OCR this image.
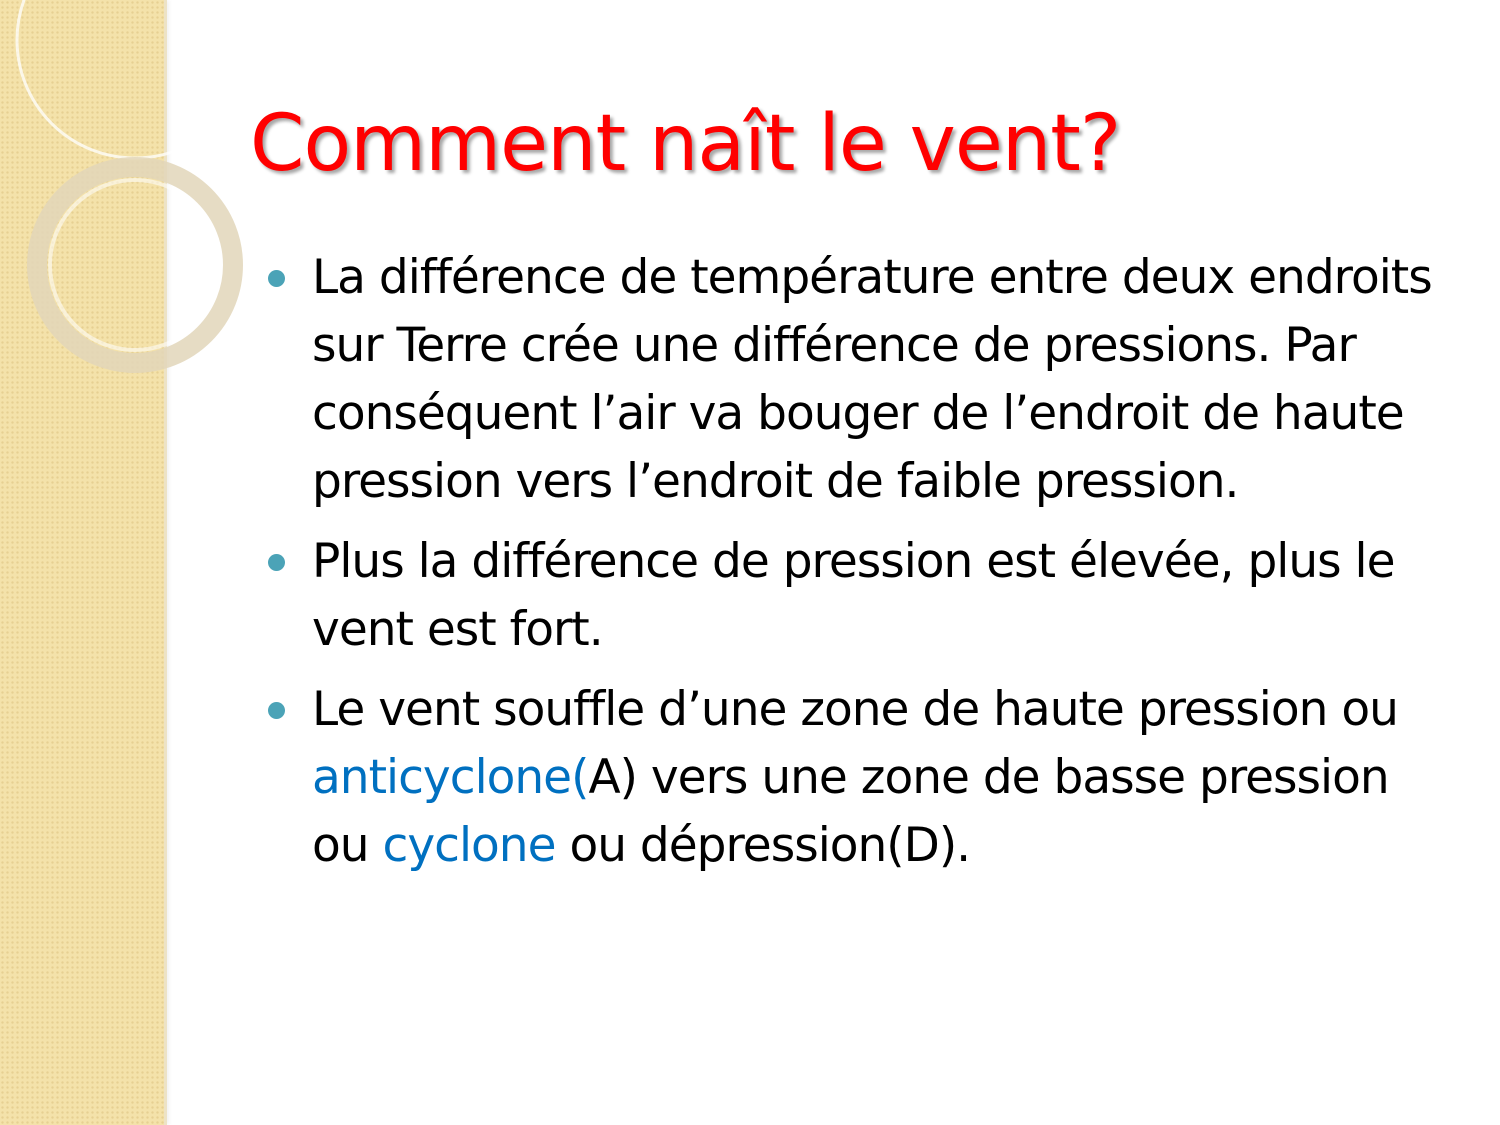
Comment naît le vent?
La différence de température entre deux endroits sur Terre crée une différence de pressions. Par conséquent l’air va bouger de l’endroit de haute pression vers l’endroit de faible pression.
Plus la différence de pression est élevée, plus le vent est fort.
Le vent souffle d’une zone de haute pression ou anticyclone(A) vers une zone de basse pression ou cyclone ou dépression(D).
